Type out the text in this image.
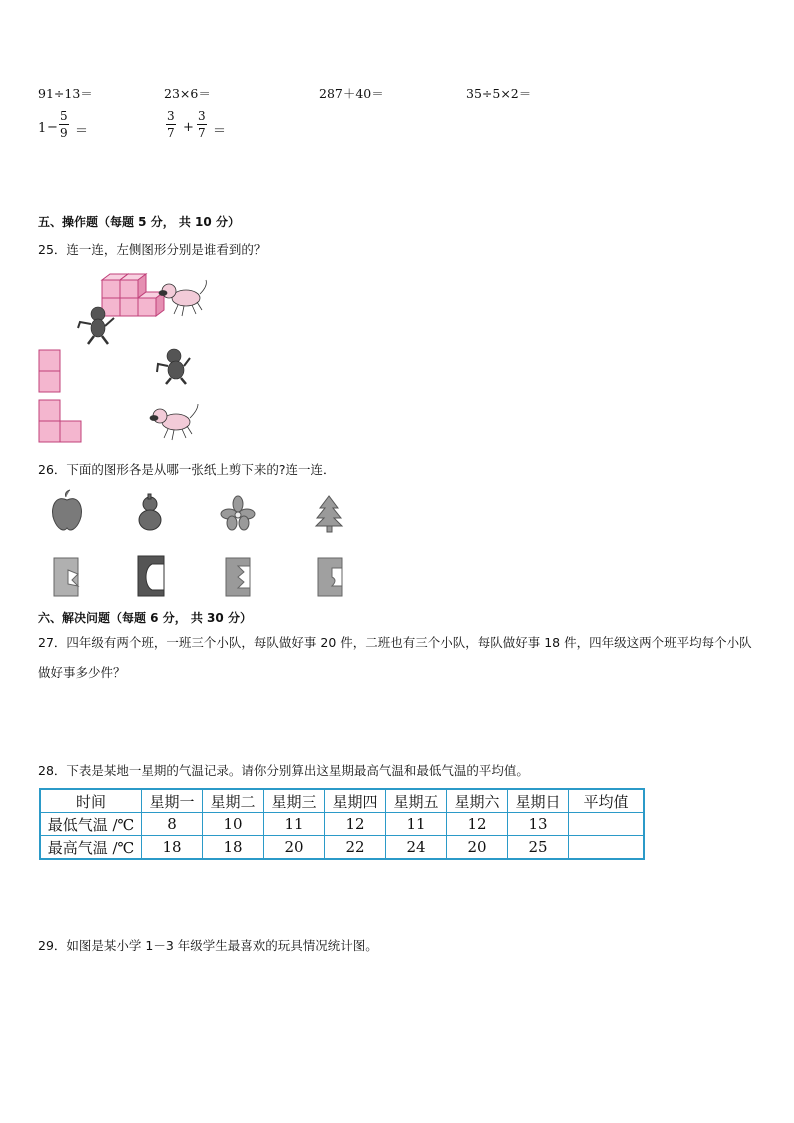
91÷13＝	23×6＝	287＋40＝	35÷5×2＝
$1 - \frac{5}{9}$ ＝	$\frac{3}{7} + \frac{3}{7}$ ＝
五、操作题（每题 5 分， 共 10 分）
25．连一连，左侧图形分别是谁看到的？
26．下面的图形各是从哪一张纸上剪下来的?连一连．
六、解决问题（每题 6 分， 共 30 分）
27．四年级有两个班，一班三个小队，每队做好事 20 件，二班也有三个小队，每队做好事 18 件，四年级这两个班平均每个小队做好事多少件？
28．下表是某地一星期的气温记录。请你分别算出这星期最高气温和最低气温的平均值。
时间	星期一	星期二	星期三	星期四	星期五	星期六	星期日	平均值
最低气温 /℃	8	10	11	12	11	12	13	
最高气温 /℃	18	18	20	22	24	20	25	
29．如图是某小学 1－3 年级学生最喜欢的玩具情况统计图。
